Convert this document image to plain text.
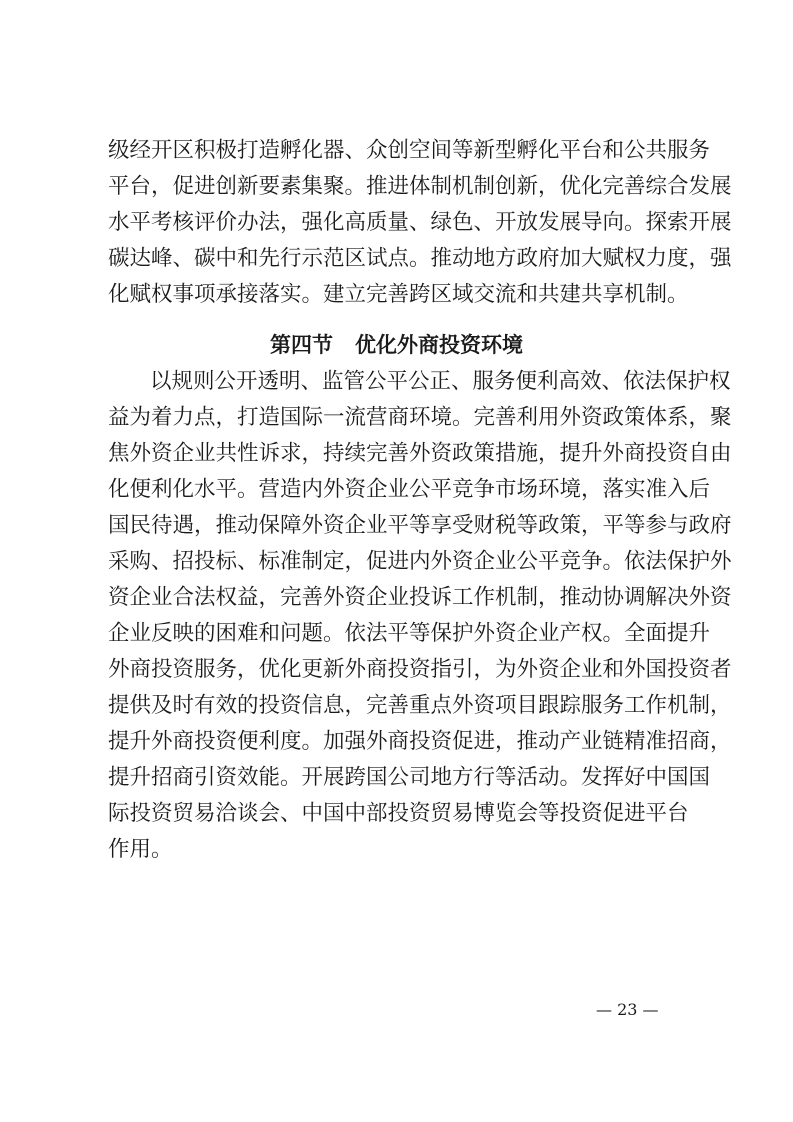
级经开区积极打造孵化器、众创空间等新型孵化平台和公共服务
平台，促进创新要素集聚。推进体制机制创新，优化完善综合发展
水平考核评价办法，强化高质量、绿色、开放发展导向。探索开展
碳达峰、碳中和先行示范区试点。推动地方政府加大赋权力度，强
化赋权事项承接落实。建立完善跨区域交流和共建共享机制。
第四节 优化外商投资环境
以规则公开透明、监管公平公正、服务便利高效、依法保护权
益为着力点，打造国际一流营商环境。完善利用外资政策体系，聚
焦外资企业共性诉求，持续完善外资政策措施，提升外商投资自由
化便利化水平。营造内外资企业公平竞争市场环境，落实准入后
国民待遇，推动保障外资企业平等享受财税等政策，平等参与政府
采购、招投标、标准制定，促进内外资企业公平竞争。依法保护外
资企业合法权益，完善外资企业投诉工作机制，推动协调解决外资
企业反映的困难和问题。依法平等保护外资企业产权。全面提升
外商投资服务，优化更新外商投资指引，为外资企业和外国投资者
提供及时有效的投资信息，完善重点外资项目跟踪服务工作机制，
提升外商投资便利度。加强外商投资促进，推动产业链精准招商，
提升招商引资效能。开展跨国公司地方行等活动。发挥好中国国
际投资贸易洽谈会、中国中部投资贸易博览会等投资促进平台
作用。
— 23 —
